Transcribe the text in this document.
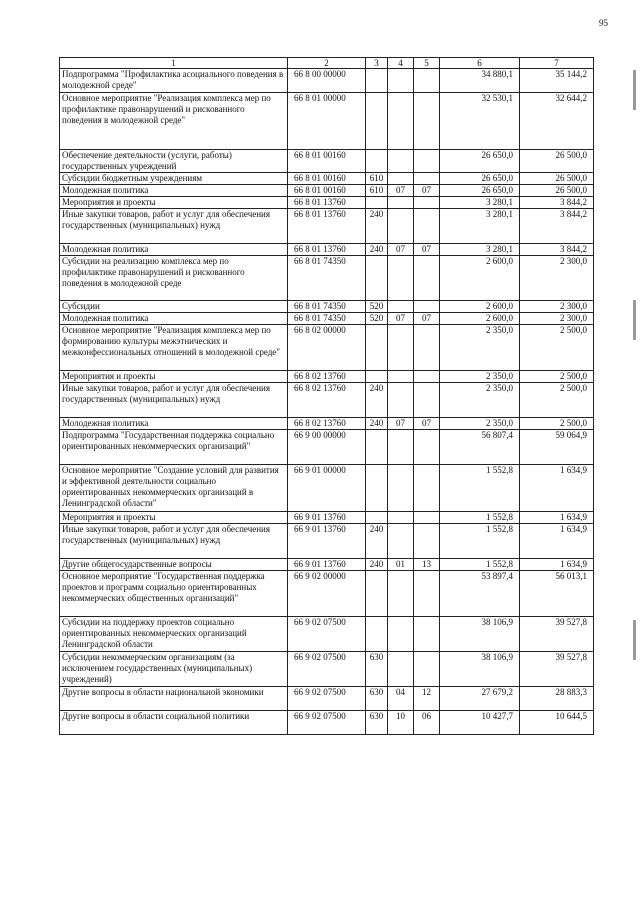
95
1	2	3	4	5	6	7
Подпрограмма "Профилактика асоциального поведения в молодежной среде"	66 8 00 00000				34 880,1	35 144,2
Основное мероприятие "Реализация комплекса мер по профилактике правонарушений и рискованного поведения в молодежной среде"	66 8 01 00000				32 530,1	32 644,2
Обеспечение деятельности (услуги, работы) государственных учреждений	66 8 01 00160				26 650,0	26 500,0
Субсидии бюджетным учреждениям	66 8 01 00160	610			26 650,0	26 500,0
Молодежная политика	66 8 01 00160	610	07	07	26 650,0	26 500,0
Мероприятия и проекты	66 8 01 13760				3 280,1	3 844,2
Иные закупки товаров, работ и услуг для обеспечения государственных (муниципальных) нужд	66 8 01 13760	240			3 280,1	3 844,2
Молодежная политика	66 8 01 13760	240	07	07	3 280,1	3 844,2
Субсидии на реализацию комплекса мер по профилактике правонарушений и рискованного поведения в молодежной среде	66 8 01 74350				2 600,0	2 300,0
Субсидии	66 8 01 74350	520			2 600,0	2 300,0
Молодежная политика	66 8 01 74350	520	07	07	2 600,0	2 300,0
Основное мероприятие "Реализация комплекса мер по формированию культуры межэтнических и межконфессиональных отношений в молодежной среде"	66 8 02 00000				2 350,0	2 500,0
Мероприятия и проекты	66 8 02 13760				2 350,0	2 500,0
Иные закупки товаров, работ и услуг для обеспечения государственных (муниципальных) нужд	66 8 02 13760	240			2 350,0	2 500,0
Молодежная политика	66 8 02 13760	240	07	07	2 350,0	2 500,0
Подпрограмма "Государственная поддержка социально ориентированных некоммерческих организаций"	66 9 00 00000				56 807,4	59 064,9
Основное мероприятие "Создание условий для развития и эффективной деятельности социально ориентированных некоммерческих организаций в Ленинградской области"	66 9 01 00000				1 552,8	1 634,9
Мероприятия и проекты	66 9 01 13760				1 552,8	1 634,9
Иные закупки товаров, работ и услуг для обеспечения государственных (муниципальных) нужд	66 9 01 13760	240			1 552,8	1 634,9
Другие общегосударственные вопросы	66 9 01 13760	240	01	13	1 552,8	1 634,9
Основное мероприятие "Государственная поддержка проектов и программ социально ориентированных некоммерческих общественных организаций"	66 9 02 00000				53 897,4	56 013,1
Субсидии на поддержку проектов социально ориентированных некоммерческих организаций Ленинградской области	66 9 02 07500				38 106,9	39 527,8
Субсидии некоммерческим организациям (за исключением государственных (муниципальных) учреждений)	66 9 02 07500	630			38 106,9	39 527,8
Другие вопросы в области национальной экономики	66 9 02 07500	630	04	12	27 679,2	28 883,3
Другие вопросы в области социальной политики	66 9 02 07500	630	10	06	10 427,7	10 644,5
